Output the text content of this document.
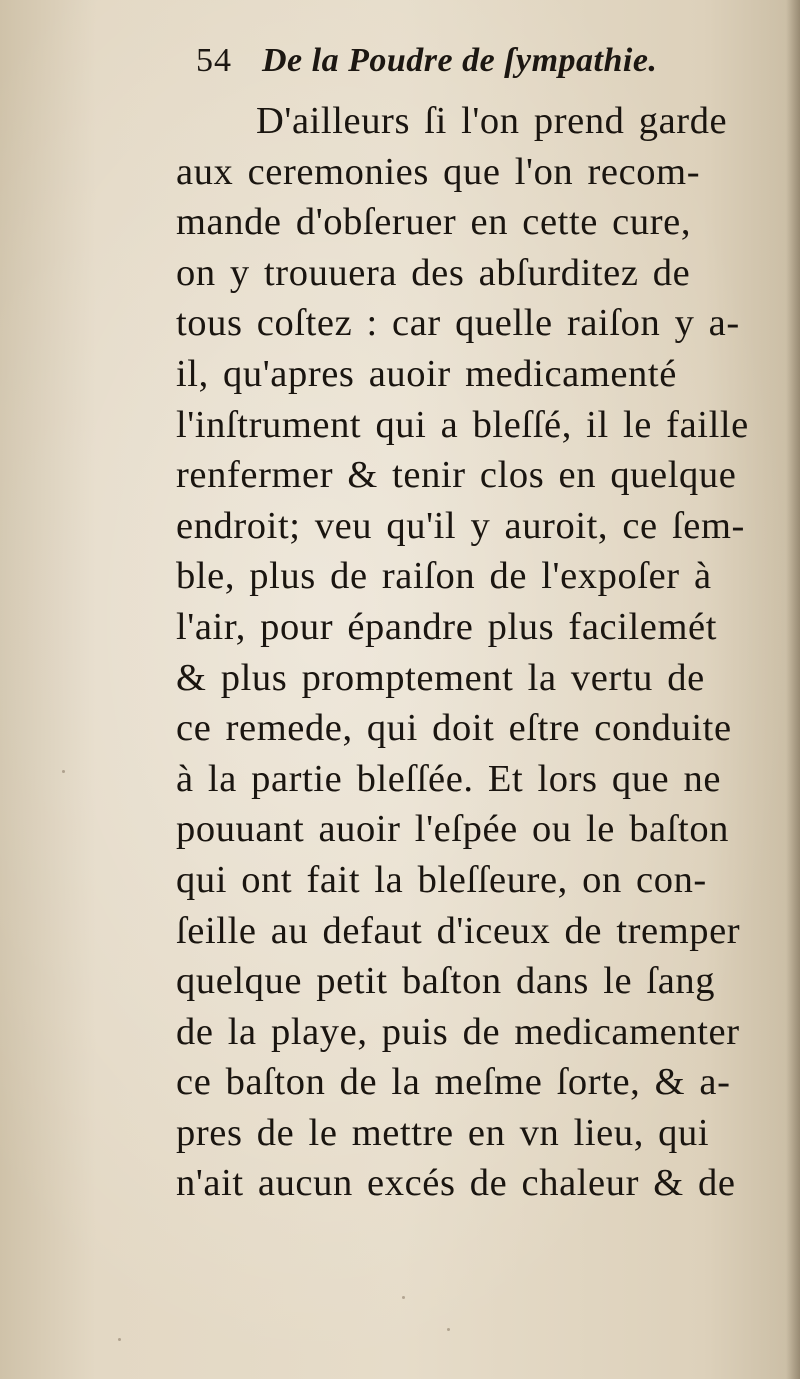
54 De la Poudre de ſympathie.
D'ailleurs ſi l'on prend garde
aux ceremonies que l'on recom-
mande d'obſeruer en cette cure,
on y trouuera des abſurditez de
tous coſtez : car quelle raiſon y a-
il, qu'apres auoir medicamenté
l'inſtrument qui a bleſſé, il le faille
renfermer & tenir clos en quelque
endroit; veu qu'il y auroit, ce ſem-
ble, plus de raiſon de l'expoſer à
l'air, pour épandre plus facilemét
& plus promptement la vertu de
ce remede, qui doit eſtre conduite
à la partie bleſſée. Et lors que ne
pouuant auoir l'eſpée ou le baſton
qui ont fait la bleſſeure, on con-
ſeille au defaut d'iceux de tremper
quelque petit baſton dans le ſang
de la playe, puis de medicamenter
ce baſton de la meſme ſorte, & a-
pres de le mettre en vn lieu, qui
n'ait aucun excés de chaleur & de
